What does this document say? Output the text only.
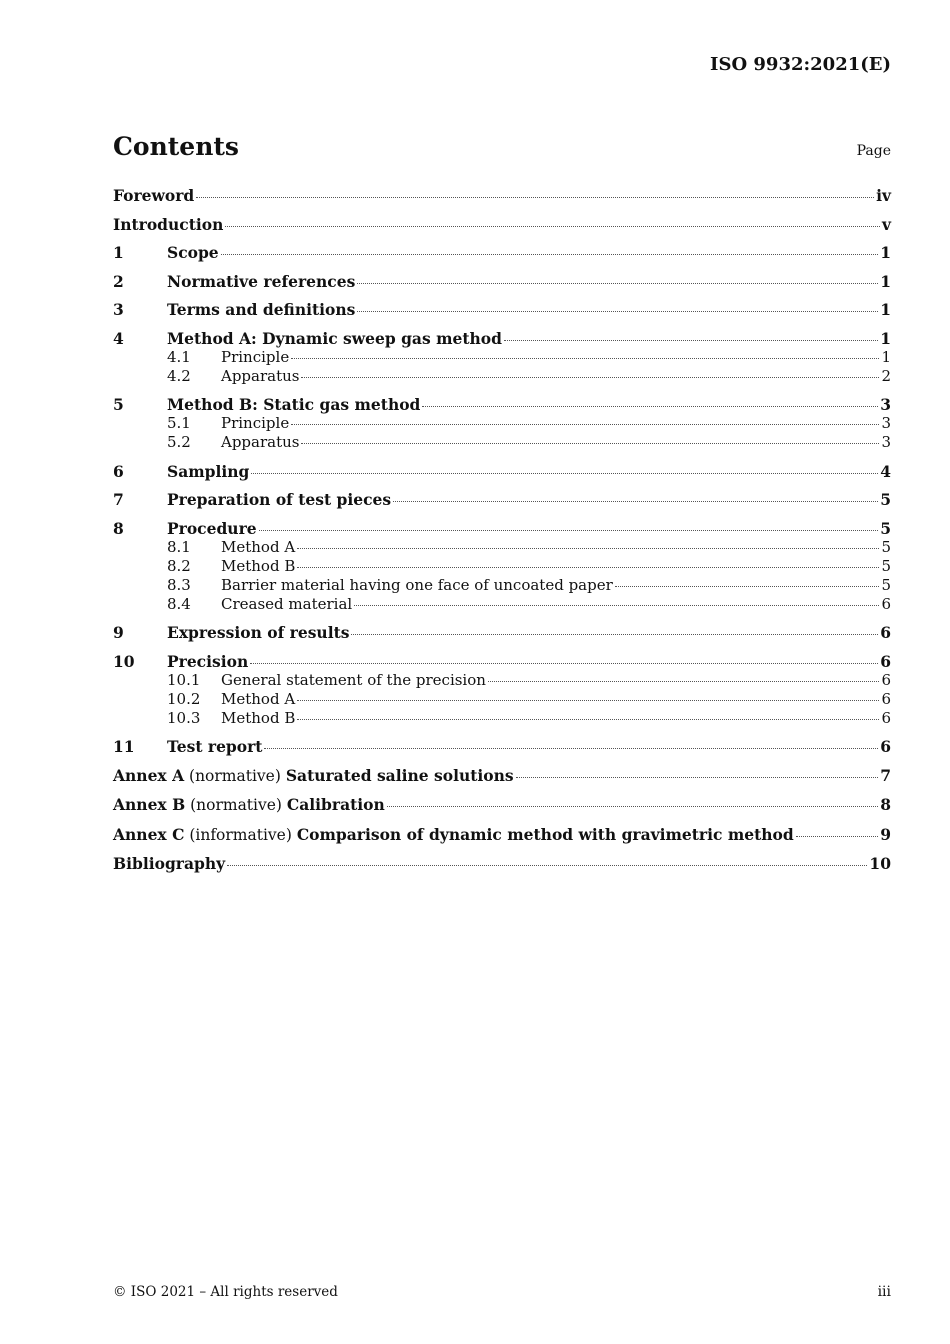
ISO 9932:2021(E)
Contents	Page
Foreword	iv
Introduction	v
1	Scope	1
2	Normative references	1
3	Terms and definitions	1
4	Method A: Dynamic sweep gas method	1
4.1	Principle	1
4.2	Apparatus	2
5	Method B: Static gas method	3
5.1	Principle	3
5.2	Apparatus	3
6	Sampling	4
7	Preparation of test pieces	5
8	Procedure	5
8.1	Method A	5
8.2	Method B	5
8.3	Barrier material having one face of uncoated paper	5
8.4	Creased material	6
9	Expression of results	6
10	Precision	6
10.1	General statement of the precision	6
10.2	Method A	6
10.3	Method B	6
11	Test report	6
Annex A (normative) Saturated saline solutions	7
Annex B (normative) Calibration	8
Annex C (informative) Comparison of dynamic method with gravimetric method	9
Bibliography	10
© ISO 2021 – All rights reserved	iii
